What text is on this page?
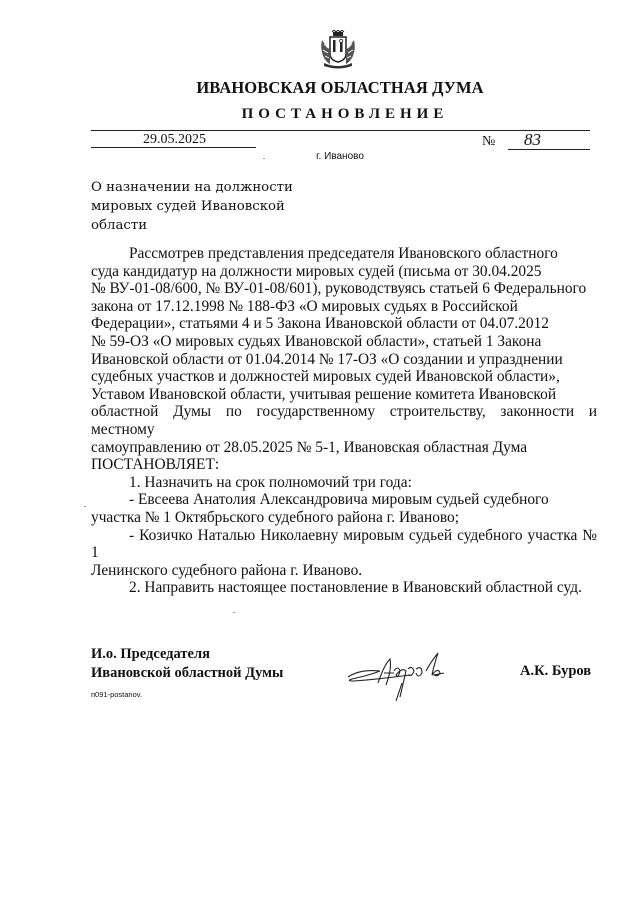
ИВАНОВСКАЯ ОБЛАСТНАЯ ДУМА
ПОСТАНОВЛЕНИЕ
29.05.2025	№ 83
г. Иваново
О назначении на должности
мировых судей Ивановской
области

Рассмотрев представления председателя Ивановского областного

суда кандидатур на должности мировых судей (письма от 30.04.2025

№ ВУ-01-08/600, № ВУ-01-08/601), руководствуясь статьей 6 Федерального

закона от 17.12.1998 № 188-ФЗ «О мировых судьях в Российской

Федерации», статьями 4 и 5 Закона Ивановской области от 04.07.2012

№ 59-ОЗ «О мировых судьях Ивановской области», статьей 1 Закона

Ивановской области от 01.04.2014 № 17-ОЗ «О создании и упразднении

судебных участков и должностей мировых судей Ивановской области»,

Уставом Ивановской области, учитывая решение комитета Ивановской

областной Думы по государственному строительству, законности и местному

самоуправлению от 28.05.2025 № 5-1, Ивановская областная Дума

ПОСТАНОВЛЯЕТ:

1. Назначить на срок полномочий три года:

- Евсеева Анатолия Александровича мировым судьей судебного

участка № 1 Октябрьского судебного района г. Иваново;

- Козичко Наталью Николаевну мировым судьей судебного участка № 1

Ленинского судебного района г. Иваново.

2. Направить настоящее постановление в Ивановский областной суд.

И.о. Председателя
Ивановской областной Думы	А.К. Буров
п091-postanov.
